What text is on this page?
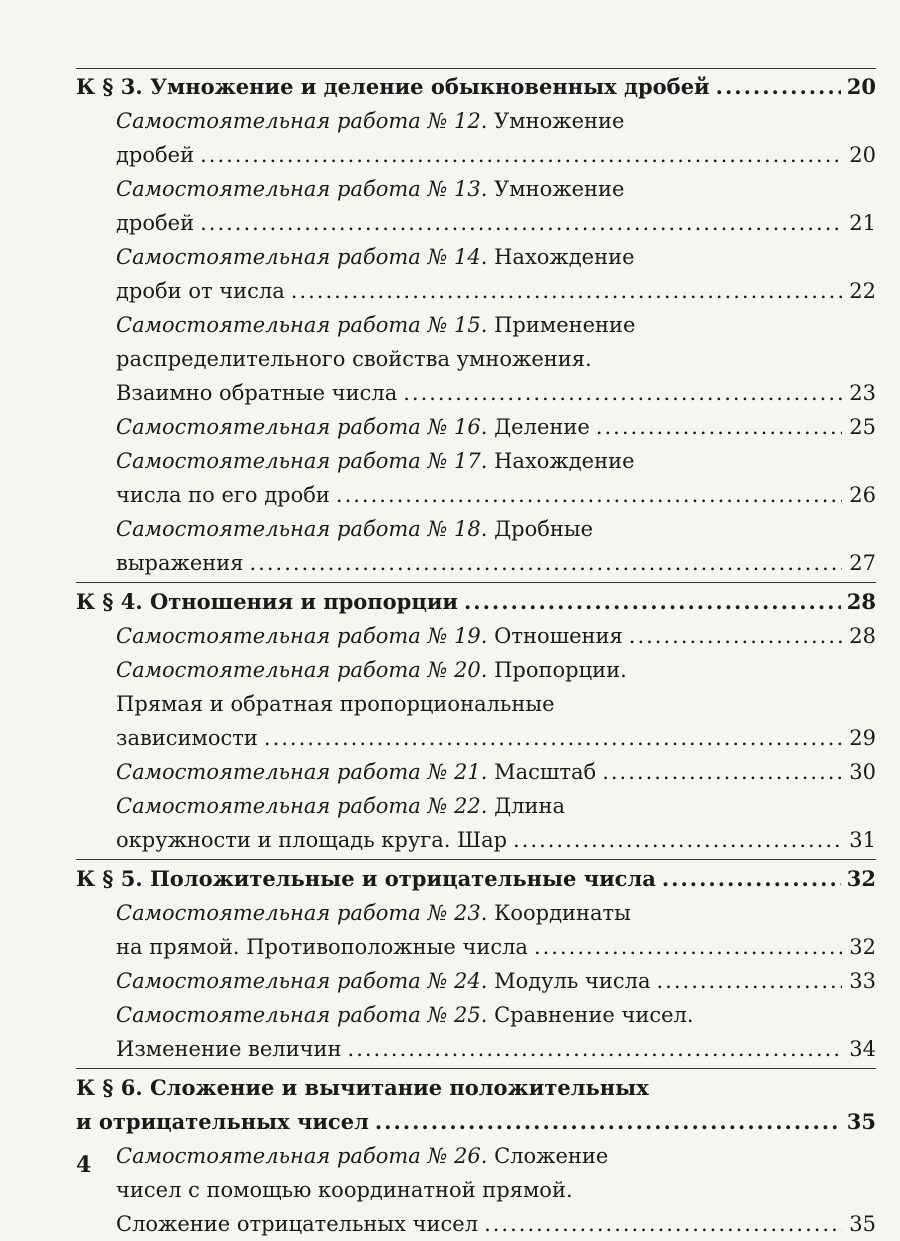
К § 3. Умножение и деление обыкновенных дробей .....	20
Самостоятельная работа № 12. Умножение
дробей .....	20
Самостоятельная работа № 13. Умножение
дробей .....	21
Самостоятельная работа № 14. Нахождение
дроби от числа .....	22
Самостоятельная работа № 15. Применение
распределительного свойства умножения.
Взаимно обратные числа .....	23
Самостоятельная работа № 16. Деление .....	25
Самостоятельная работа № 17. Нахождение
числа по его дроби .....	26
Самостоятельная работа № 18. Дробные
выражения .....	27
К § 4. Отношения и пропорции .....	28
Самостоятельная работа № 19. Отношения .....	28
Самостоятельная работа № 20. Пропорции.
Прямая и обратная пропорциональные
зависимости .....	29
Самостоятельная работа № 21. Масштаб .....	30
Самостоятельная работа № 22. Длина
окружности и площадь круга. Шар .....	31
К § 5. Положительные и отрицательные числа .....	32
Самостоятельная работа № 23. Координаты
на прямой. Противоположные числа .....	32
Самостоятельная работа № 24. Модуль числа .....	33
Самостоятельная работа № 25. Сравнение чисел.
Изменение величин .....	34
К § 6. Сложение и вычитание положительных
и отрицательных чисел .....	35
Самостоятельная работа № 26. Сложение
чисел с помощью координатной прямой.
Сложение отрицательных чисел .....	35
4
